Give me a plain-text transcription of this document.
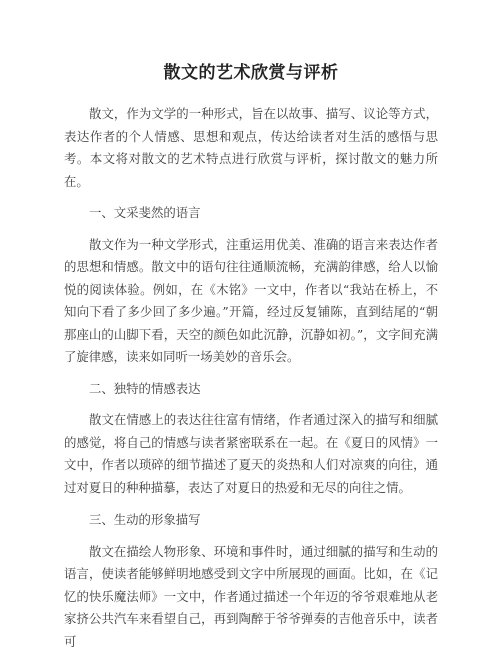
散文的艺术欣赏与评析

散文，作为文学的一种形式，旨在以故事、描写、议论等方式，表达作者的个人情感、思想和观点，传达给读者对生活的感悟与思考。本文将对散文的艺术特点进行欣赏与评析，探讨散文的魅力所在。

一、文采斐然的语言

散文作为一种文学形式，注重运用优美、准确的语言来表达作者的思想和情感。散文中的语句往往通顺流畅，充满韵律感，给人以愉悦的阅读体验。例如，在《木铭》一文中，作者以“我站在桥上，不知向下看了多少回了多少遍。”开篇，经过反复铺陈，直到结尾的“朝那座山的山脚下看，天空的颜色如此沉静，沉静如初。”，文字间充满了旋律感，读来如同听一场美妙的音乐会。

二、独特的情感表达

散文在情感上的表达往往富有情绪，作者通过深入的描写和细腻的感觉，将自己的情感与读者紧密联系在一起。在《夏日的风情》一文中，作者以琐碎的细节描述了夏天的炎热和人们对凉爽的向往，通过对夏日的种种描摹，表达了对夏日的热爱和无尽的向往之情。

三、生动的形象描写

散文在描绘人物形象、环境和事件时，通过细腻的描写和生动的语言，使读者能够鲜明地感受到文字中所展现的画面。比如，在《记忆的快乐魔法师》一文中，作者通过描述一个年迈的爷爷艰难地从老家挤公共汽车来看望自己，再到陶醉于爷爷弹奏的吉他音乐中，读者可
